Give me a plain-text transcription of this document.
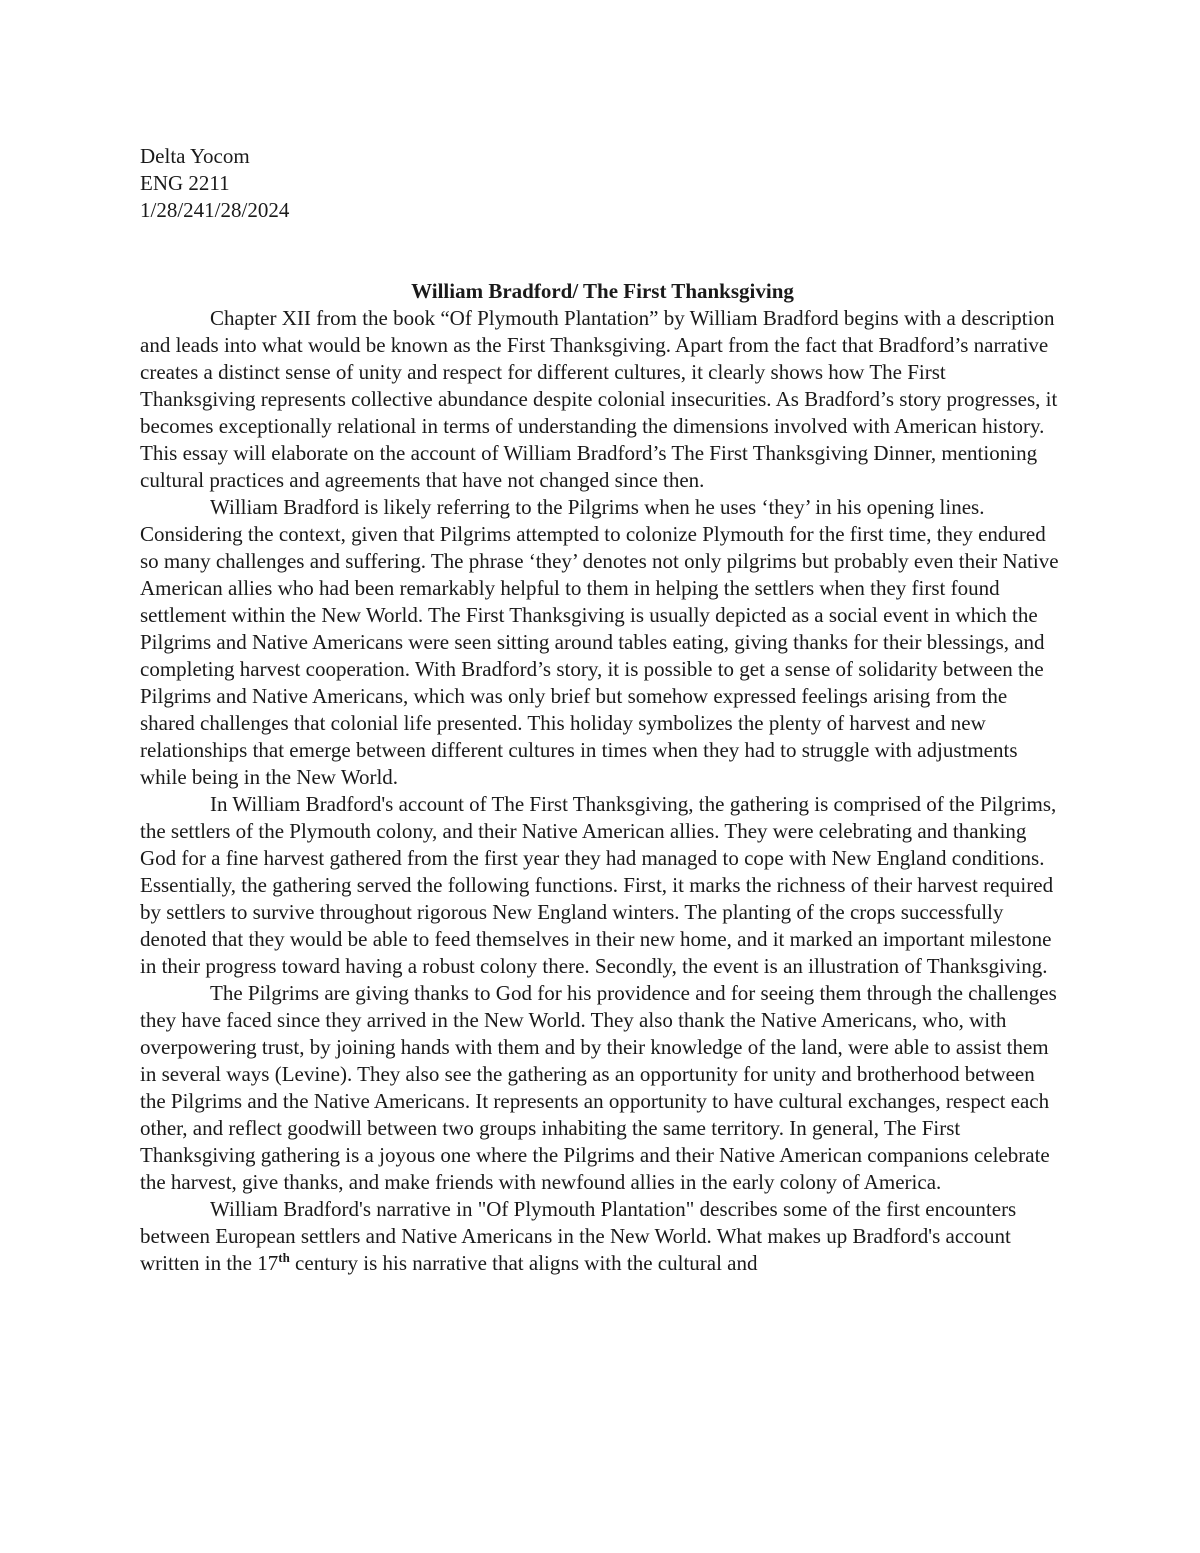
Delta Yocom

ENG 2211

1/28/241/28/2024

William Bradford/ The First Thanksgiving

Chapter XII from the book “Of Plymouth Plantation” by William Bradford begins with a description and leads into what would be known as the First Thanksgiving. Apart from the fact that Bradford’s narrative creates a distinct sense of unity and respect for different cultures, it clearly shows how The First Thanksgiving represents collective abundance despite colonial insecurities. As Bradford’s story progresses, it becomes exceptionally relational in terms of understanding the dimensions involved with American history. This essay will elaborate on the account of William Bradford’s The First Thanksgiving Dinner, mentioning cultural practices and agreements that have not changed since then.

William Bradford is likely referring to the Pilgrims when he uses ‘they’ in his opening lines. Considering the context, given that Pilgrims attempted to colonize Plymouth for the first time, they endured so many challenges and suffering. The phrase ‘they’ denotes not only pilgrims but probably even their Native American allies who had been remarkably helpful to them in helping the settlers when they first found settlement within the New World. The First Thanksgiving is usually depicted as a social event in which the Pilgrims and Native Americans were seen sitting around tables eating, giving thanks for their blessings, and completing harvest cooperation. With Bradford’s story, it is possible to get a sense of solidarity between the Pilgrims and Native Americans, which was only brief but somehow expressed feelings arising from the shared challenges that colonial life presented. This holiday symbolizes the plenty of harvest and new relationships that emerge between different cultures in times when they had to struggle with adjustments while being in the New World.

In William Bradford's account of The First Thanksgiving, the gathering is comprised of the Pilgrims, the settlers of the Plymouth colony, and their Native American allies. They were celebrating and thanking God for a fine harvest gathered from the first year they had managed to cope with New England conditions. Essentially, the gathering served the following functions. First, it marks the richness of their harvest required by settlers to survive throughout rigorous New England winters. The planting of the crops successfully denoted that they would be able to feed themselves in their new home, and it marked an important milestone in their progress toward having a robust colony there. Secondly, the event is an illustration of Thanksgiving.

The Pilgrims are giving thanks to God for his providence and for seeing them through the challenges they have faced since they arrived in the New World. They also thank the Native Americans, who, with overpowering trust, by joining hands with them and by their knowledge of the land, were able to assist them in several ways (Levine). They also see the gathering as an opportunity for unity and brotherhood between the Pilgrims and the Native Americans. It represents an opportunity to have cultural exchanges, respect each other, and reflect goodwill between two groups inhabiting the same territory. In general, The First Thanksgiving gathering is a joyous one where the Pilgrims and their Native American companions celebrate the harvest, give thanks, and make friends with newfound allies in the early colony of America.

William Bradford's narrative in "Of Plymouth Plantation" describes some of the first encounters between European settlers and Native Americans in the New World. What makes up Bradford's account written in the 17th century is his narrative that aligns with the cultural and
